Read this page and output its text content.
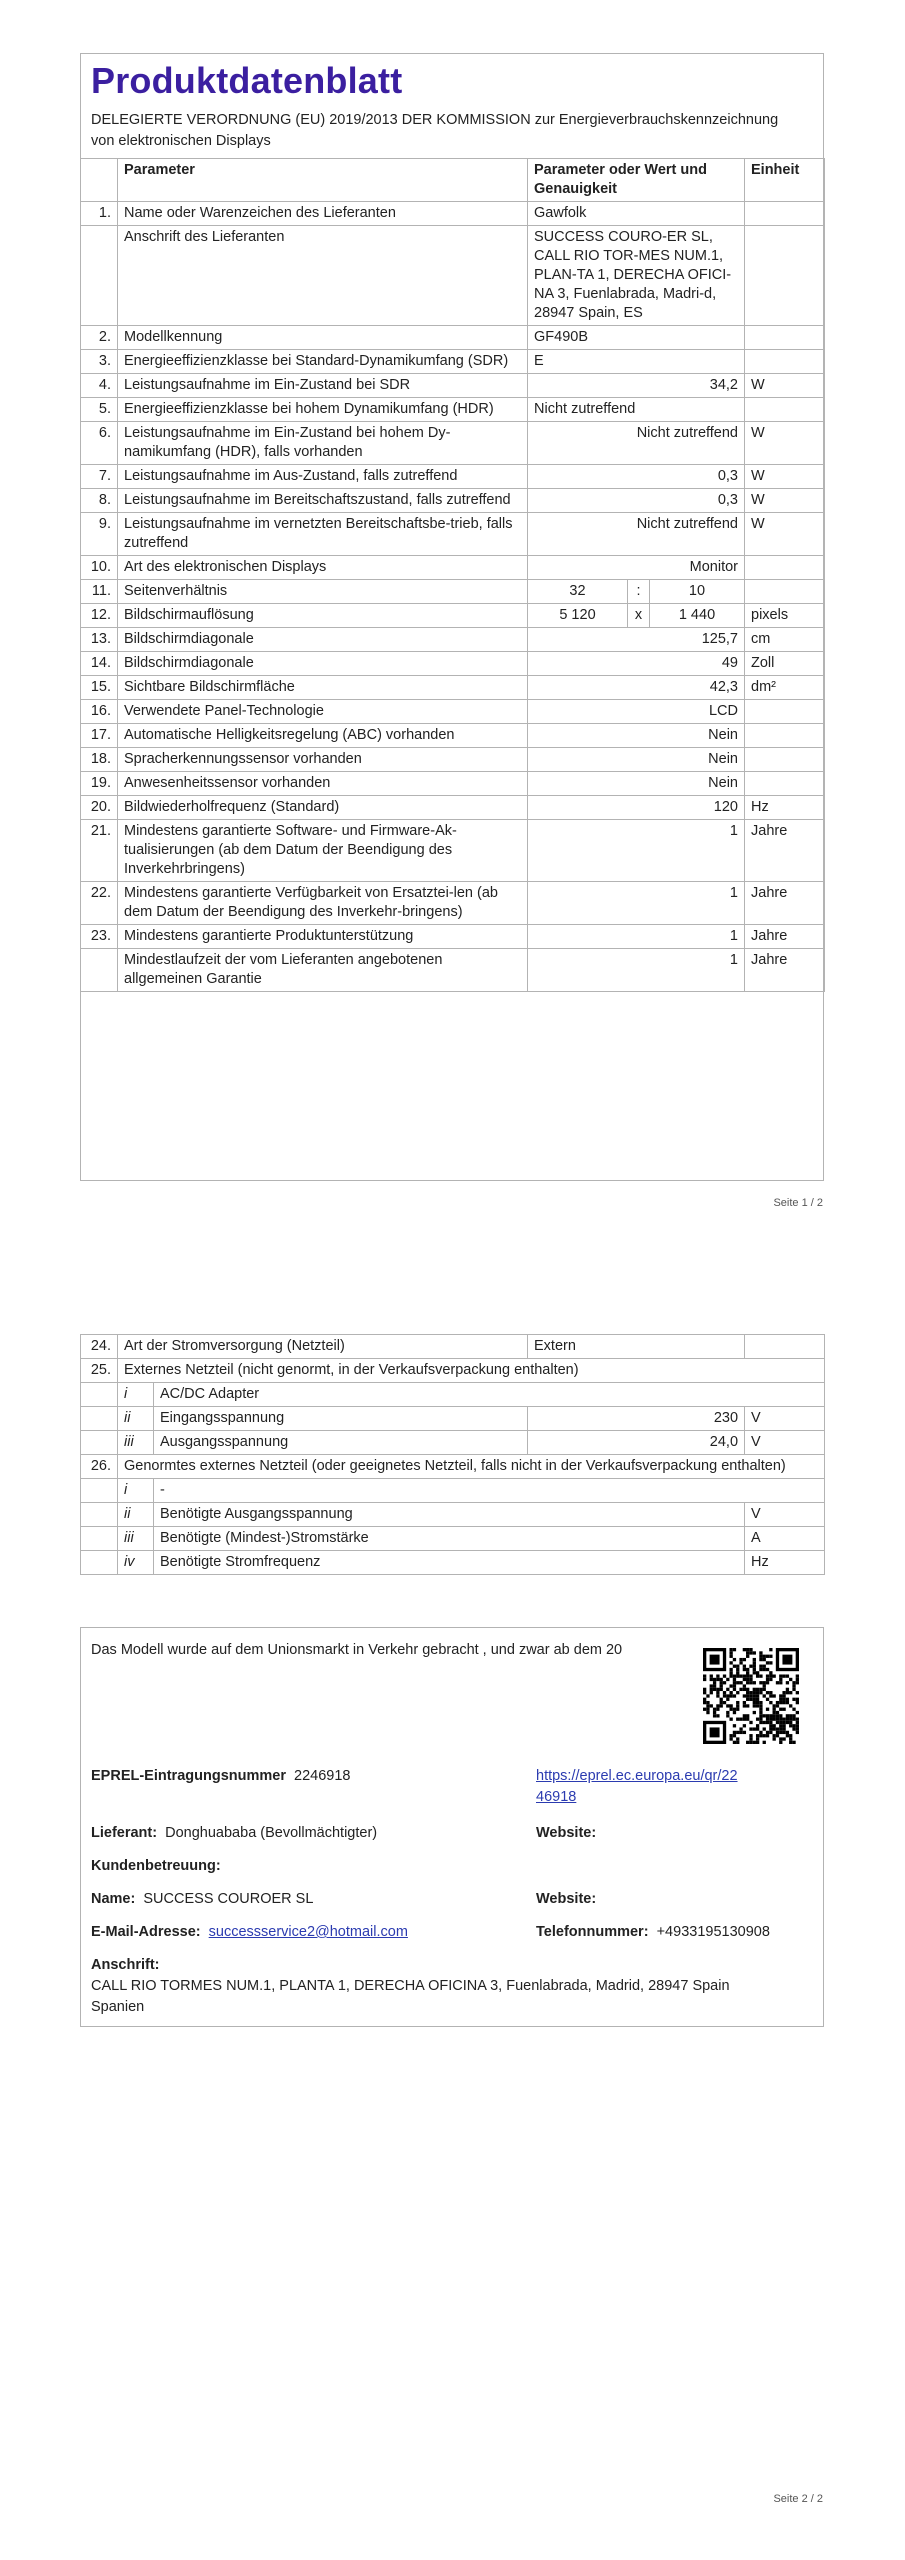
Produktdatenblatt
DELEGIERTE VERORDNUNG (EU) 2019/2013 DER KOMMISSION zur Energieverbrauchskennzeichnung von elektronischen Displays
	Parameter	Parameter oder Wert und Genauigkeit			Einheit
1.	Name oder Warenzeichen des Lieferanten	Gawfolk			
	Anschrift des Lieferanten	SUCCESS COURO-ER SL, CALL RIO TOR-MES NUM.1, PLAN-TA 1, DERECHA OFICI-NA 3, Fuenlabrada, Madri-d, 28947 Spain, ES			
2.	Modellkennung	GF490B			
3.	Energieeffizienzklasse bei Standard-Dynamikumfang (SDR)	E			
4.	Leistungsaufnahme im Ein-Zustand bei SDR	34,2			W
5.	Energieeffizienzklasse bei hohem Dynamikumfang (HDR)	Nicht zutreffend			
6.	Leistungsaufnahme im Ein-Zustand bei hohem Dy-namikumfang (HDR), falls vorhanden	Nicht zutreffend			W
7.	Leistungsaufnahme im Aus-Zustand, falls zutreffend	0,3			W
8.	Leistungsaufnahme im Bereitschaftszustand, falls zutreffend	0,3			W
9.	Leistungsaufnahme im vernetzten Bereitschaftsbe-trieb, falls zutreffend	Nicht zutreffend			W
10.	Art des elektronischen Displays	Monitor			
11.	Seitenverhältnis	32	:	10	
12.	Bildschirmauflösung	5 120	x	1 440	pixels
13.	Bildschirmdiagonale	125,7			cm
14.	Bildschirmdiagonale	49			Zoll
15.	Sichtbare Bildschirmfläche	42,3			dm²
16.	Verwendete Panel-Technologie	LCD			
17.	Automatische Helligkeitsregelung (ABC) vorhanden	Nein			
18.	Spracherkennungssensor vorhanden	Nein			
19.	Anwesenheitssensor vorhanden	Nein			
20.	Bildwiederholfrequenz (Standard)	120			Hz
21.	Mindestens garantierte Software- und Firmware-Ak-tualisierungen (ab dem Datum der Beendigung des Inverkehrbringens)	1			Jahre
22.	Mindestens garantierte Verfügbarkeit von Ersatztei-len (ab dem Datum der Beendigung des Inverkehr-bringens)	1			Jahre
23.	Mindestens garantierte Produktunterstützung	1			Jahre
	Mindestlaufzeit der vom Lieferanten angebotenen allgemeinen Garantie	1			Jahre
Seite 1 / 2
24.	Art der Stromversorgung (Netzteil)		Extern	
25.	Externes Netzteil (nicht genormt, in der Verkaufsverpackung enthalten)			
	i	AC/DC Adapter		
	ii	Eingangsspannung	230	V
	iii	Ausgangsspannung	24,0	V
26.	Genormtes externes Netzteil (oder geeignetes Netzteil, falls nicht in der Verkaufsverpackung enthalten)			
	i	-		
	ii	Benötigte Ausgangsspannung		V
	iii	Benötigte (Mindest-)Stromstärke		A
	iv	Benötigte Stromfrequenz		Hz
Das Modell wurde auf dem Unionsmarkt in Verkehr gebracht , und zwar ab dem 20
EPREL-Eintragungsnummer 2246918	https://eprel.ec.europa.eu/qr/22
46918
Lieferant: Donghuababa (Bevollmächtigter)	Website:
Kundenbetreuung:
Name: SUCCESS COUROER SL	Website:
E-Mail-Adresse: successservice2@hotmail.com	Telefonnummer: +4933195130908
Anschrift:
CALL RIO TORMES NUM.1, PLANTA 1, DERECHA OFICINA 3, Fuenlabrada, Madrid, 28947 Spain
Spanien
Seite 2 / 2
